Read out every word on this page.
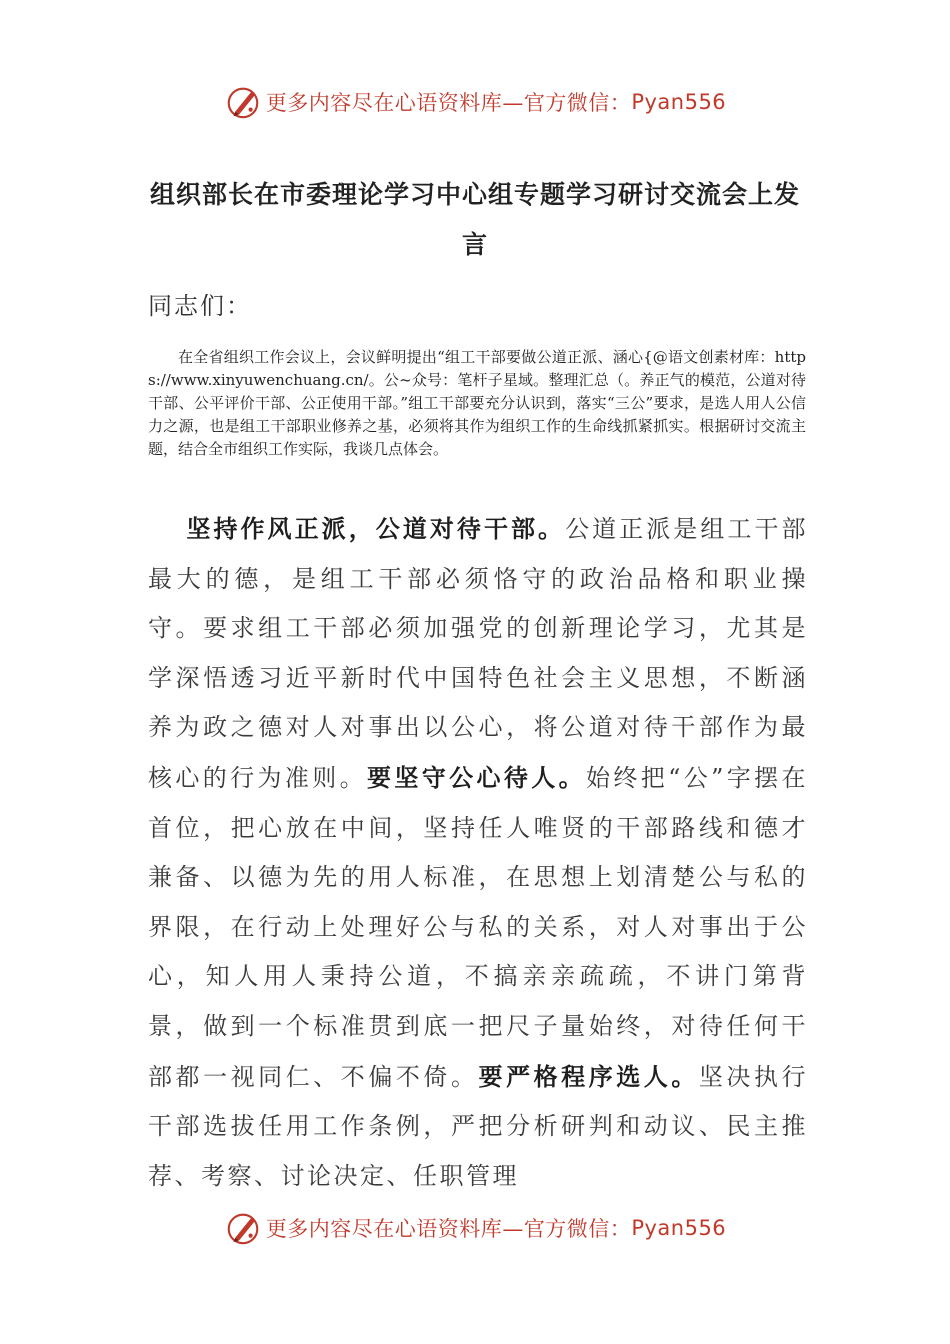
更多内容尽在心语资料库 —官方微信： Pyan556
组织部长在市委理论学习中心组专题学习研讨交流会上发言
同志们：
在全省组织工作会议上，会议鲜明提出“组工干部要做公道正派、涵心{@语文创素材库：https://www.xinyuwenchuang.cn/。公~众号：笔杆子星域。整理汇总（。养正气的模范，公道对待干部、公平评价干部、公正使用干部。”组工干部要充分认识到，落实“三公”要求，是选人用人公信力之源，也是组工干部职业修养之基，必须将其作为组织工作的生命线抓紧抓实。根据研讨交流主题，结合全市组织工作实际，我谈几点体会。

坚持作风正派，公道对待干部。公道正派是组工干部最大的德，是组工干部必须恪守的政治品格和职业操守。要求组工干部必须加强党的创新理论学习，尤其是学深悟透习近平新时代中国特色社会主义思想，不断涵养为政之德对人对事出以公心，将公道对待干部作为最核心的行为准则。要坚守公心待人。始终把“公”字摆在首位，把心放在中间，坚持任人唯贤的干部路线和德才兼备、以德为先的用人标准，在思想上划清楚公与私的界限，在行动上处理好公与私的关系，对人对事出于公心，知人用人秉持公道，不搞亲亲疏疏，不讲门第背景，做到一个标准贯到底一把尺子量始终，对待任何干部都一视同仁、不偏不倚。要严格程序选人。坚决执行干部选拔任用工作条例，严把分析研判和动议、民主推荐、考察、讨论决定、任职管理

更多内容尽在心语资料库 —官方微信： Pyan556
